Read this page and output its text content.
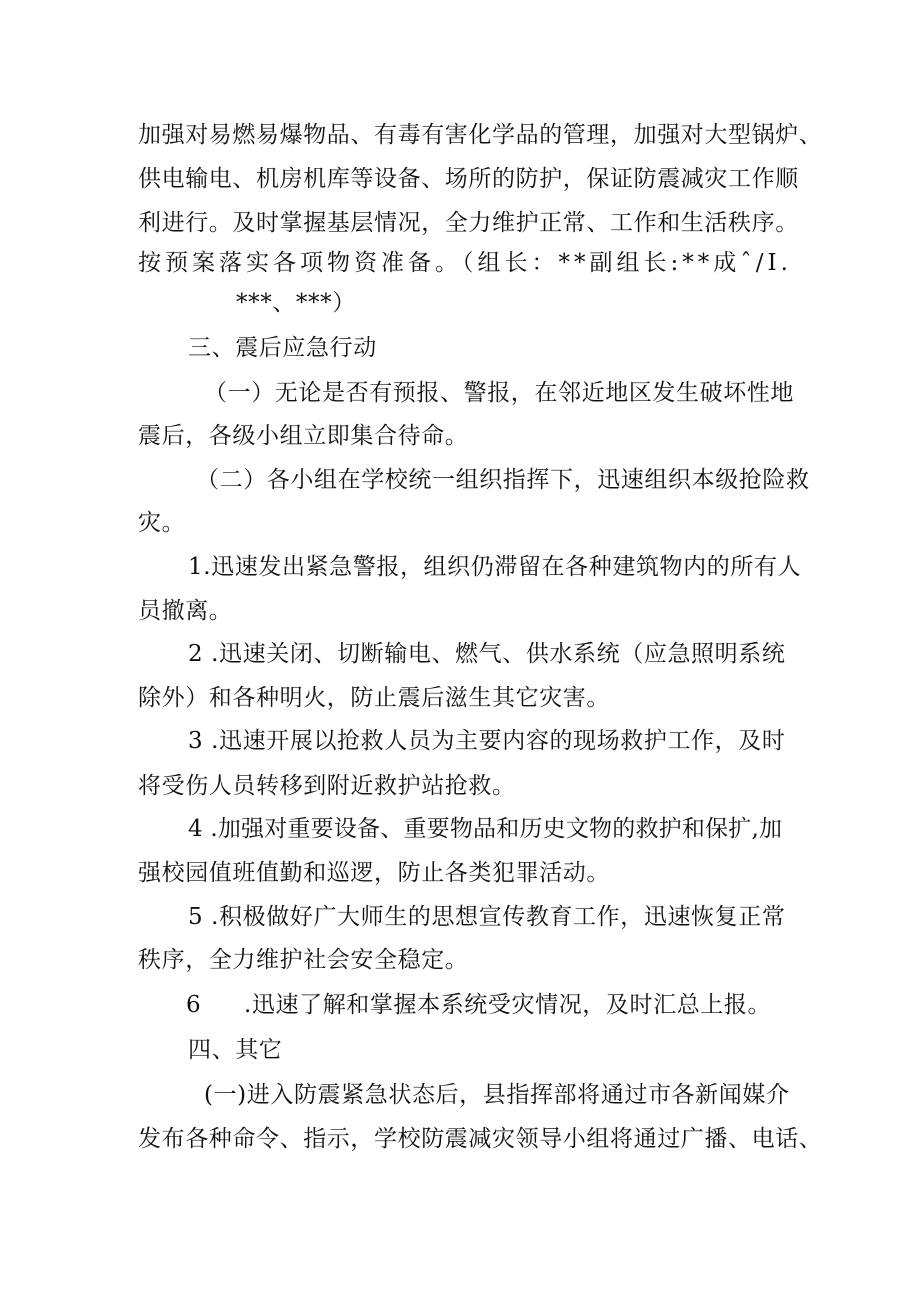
加强对易燃易爆物品、有毒有害化学品的管理，加强对大型锅炉、
供电输电、机房机库等设备、场所的防护，保证防震减灾工作顺
利进行。及时掌握基层情况，全力维护正常、工作和生活秩序。
按预案落实各项物资准备。（组长：**副组长:**成ˆ/I.
***、***）
三、震后应急行动
（一）无论是否有预报、警报，在邻近地区发生破坏性地
震后，各级小组立即集合待命。
（二）各小组在学校统一组织指挥下，迅速组织本级抢险救
灾。
1.迅速发出紧急警报，组织仍滞留在各种建筑物内的所有人
员撤离。
2 .迅速关闭、切断输电、燃气、供水系统（应急照明系统
除外）和各种明火，防止震后滋生其它灾害。
3 .迅速开展以抢救人员为主要内容的现场救护工作，及时
将受伤人员转移到附近救护站抢救。
4 .加强对重要设备、重要物品和历史文物的救护和保扩,加
强校园值班值勤和巡逻，防止各类犯罪活动。
5 .积极做好广大师生的思想宣传教育工作，迅速恢复正常
秩序，全力维护社会安全稳定。
6 .迅速了解和掌握本系统受灾情况，及时汇总上报。
四、其它
(一)进入防震紧急状态后，县指挥部将通过市各新闻媒介
发布各种命令、指示，学校防震减灾领导小组将通过广播、电话、
